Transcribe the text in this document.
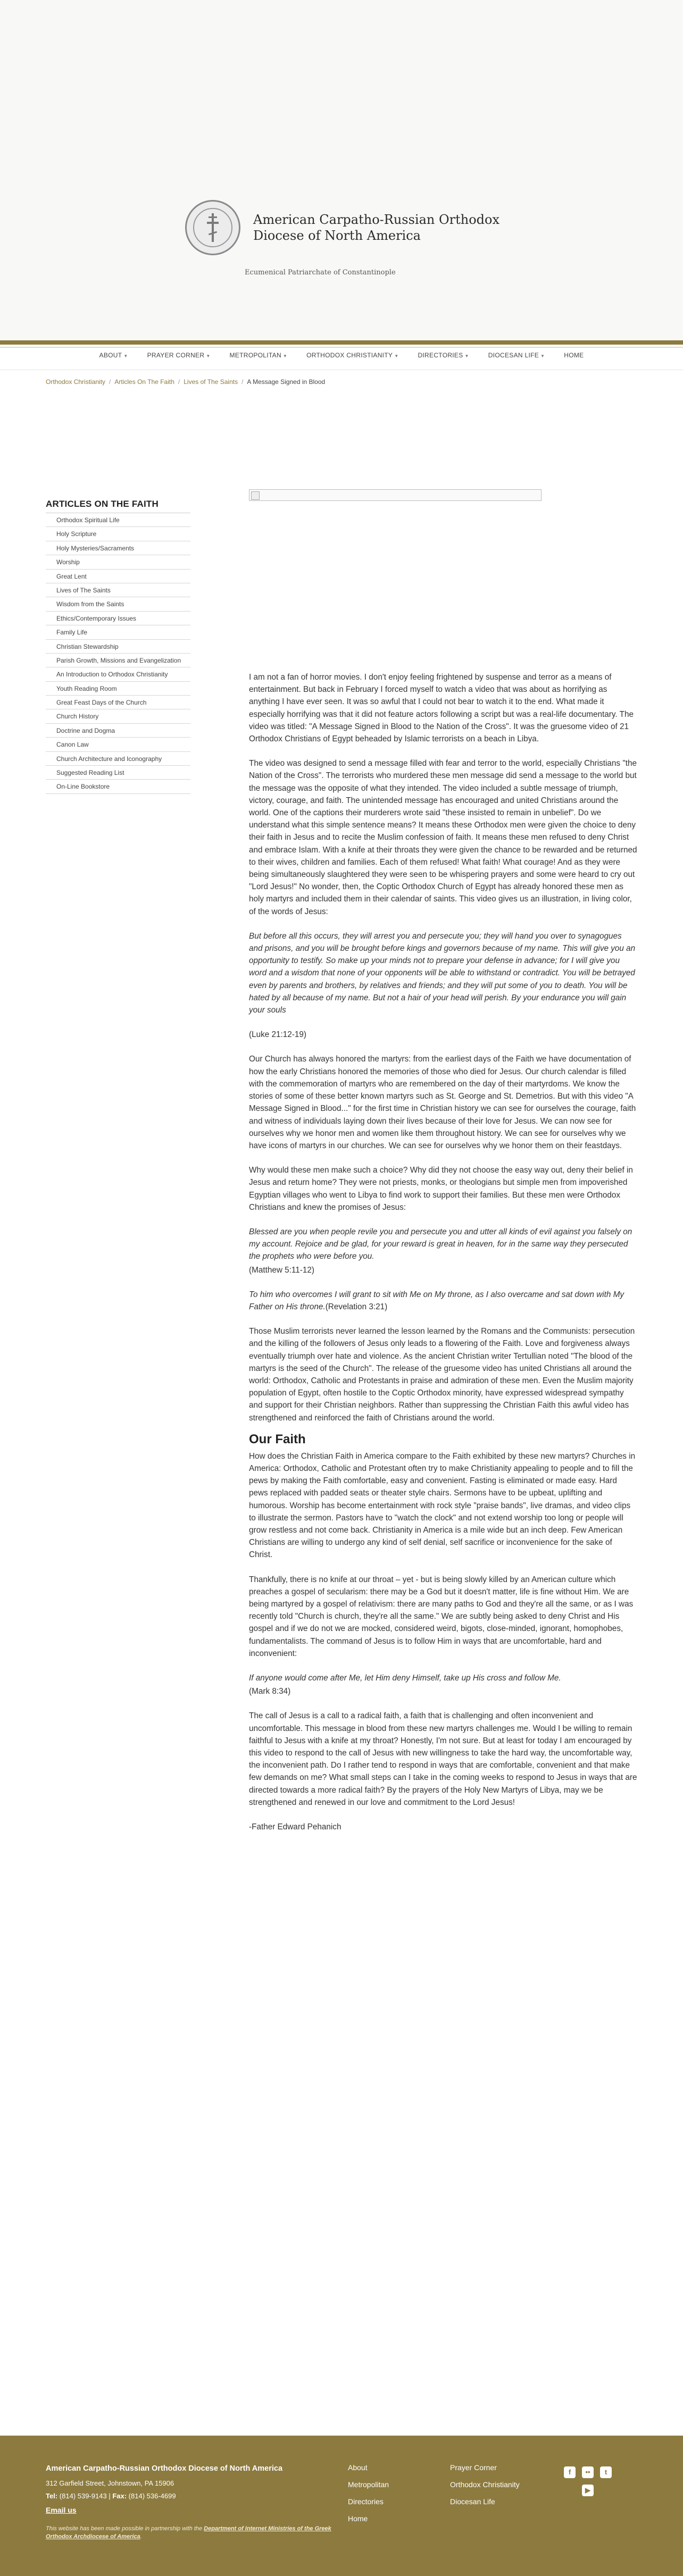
American Carpatho-Russian Orthodox Diocese of North America
Ecumenical Patriarchate of Constantinople
ABOUT ▼	PRAYER CORNER ▼	METROPOLITAN ▼	ORTHODOX CHRISTIANITY ▼	DIRECTORIES ▼	DIOCESAN LIFE ▼	HOME
Orthodox Christianity / Articles On The Faith / Lives of The Saints / A Message Signed in Blood
ARTICLES ON THE FAITH
Orthodox Spiritual Life
Holy Scripture
Holy Mysteries/Sacraments
Worship
Great Lent
Lives of The Saints
Wisdom from the Saints
Ethics/Contemporary Issues
Family Life
Christian Stewardship
Parish Growth, Missions and Evangelization
An Introduction to Orthodox Christianity
Youth Reading Room
Great Feast Days of the Church
Church History
Doctrine and Dogma
Canon Law
Church Architecture and Iconography
Suggested Reading List
On-Line Bookstore

I am not a fan of horror movies. I don't enjoy feeling frightened by suspense and terror as a means of entertainment. But back in February I forced myself to watch a video that was about as horrifying as anything I have ever seen. It was so awful that I could not bear to watch it to the end. What made it especially horrifying was that it did not feature actors following a script but was a real-life documentary. The video was titled: "A Message Signed in Blood to the Nation of the Cross". It was the gruesome video of 21 Orthodox Christians of Egypt beheaded by Islamic terrorists on a beach in Libya.

The video was designed to send a message filled with fear and terror to the world, especially Christians "the Nation of the Cross". The terrorists who murdered these men message did send a message to the world but the message was the opposite of what they intended. The video included a subtle message of triumph, victory, courage, and faith. The unintended message has encouraged and united Christians around the world. One of the captions their murderers wrote said "these insisted to remain in unbelief". Do we understand what this simple sentence means? It means these Orthodox men were given the choice to deny their faith in Jesus and to recite the Muslim confession of faith. It means these men refused to deny Christ and embrace Islam. With a knife at their throats they were given the chance to be rewarded and be returned to their wives, children and families. Each of them refused! What faith! What courage! And as they were being simultaneously slaughtered they were seen to be whispering prayers and some were heard to cry out "Lord Jesus!" No wonder, then, the Coptic Orthodox Church of Egypt has already honored these men as holy martyrs and included them in their calendar of saints. This video gives us an illustration, in living color, of the words of Jesus:

But before all this occurs, they will arrest you and persecute you; they will hand you over to synagogues and prisons, and you will be brought before kings and governors because of my name. This will give you an opportunity to testify. So make up your minds not to prepare your defense in advance; for I will give you word and a wisdom that none of your opponents will be able to withstand or contradict. You will be betrayed even by parents and brothers, by relatives and friends; and they will put some of you to death. You will be hated by all because of my name. But not a hair of your head will perish. By your endurance you will gain your souls

(Luke 21:12-19)

Our Church has always honored the martyrs: from the earliest days of the Faith we have documentation of how the early Christians honored the memories of those who died for Jesus. Our church calendar is filled with the commemoration of martyrs who are remembered on the day of their martyrdoms. We know the stories of some of these better known martyrs such as St. George and St. Demetrios. But with this video "A Message Signed in Blood..." for the first time in Christian history we can see for ourselves the courage, faith and witness of individuals laying down their lives because of their love for Jesus. We can now see for ourselves why we honor men and women like them throughout history. We can see for ourselves why we have icons of martyrs in our churches. We can see for ourselves why we honor them on their feastdays.

Why would these men make such a choice? Why did they not choose the easy way out, deny their belief in Jesus and return home? They were not priests, monks, or theologians but simple men from impoverished Egyptian villages who went to Libya to find work to support their families. But these men were Orthodox Christians and knew the promises of Jesus:

Blessed are you when people revile you and persecute you and utter all kinds of evil against you falsely on my account. Rejoice and be glad, for your reward is great in heaven, for in the same way they persecuted the prophets who were before you.

(Matthew 5:11-12)

To him who overcomes I will grant to sit with Me on My throne, as I also overcame and sat down with My Father on His throne.(Revelation 3:21)

Those Muslim terrorists never learned the lesson learned by the Romans and the Communists: persecution and the killing of the followers of Jesus only leads to a flowering of the Faith. Love and forgiveness always eventually triumph over hate and violence. As the ancient Christian writer Tertullian noted "The blood of the martyrs is the seed of the Church". The release of the gruesome video has united Christians all around the world: Orthodox, Catholic and Protestants in praise and admiration of these men. Even the Muslim majority population of Egypt, often hostile to the Coptic Orthodox minority, have expressed widespread sympathy and support for their Christian neighbors. Rather than suppressing the Christian Faith this awful video has strengthened and reinforced the faith of Christians around the world.

Our Faith

How does the Christian Faith in America compare to the Faith exhibited by these new martyrs? Churches in America: Orthodox, Catholic and Protestant often try to make Christianity appealing to people and to fill the pews by making the Faith comfortable, easy and convenient. Fasting is eliminated or made easy. Hard pews replaced with padded seats or theater style chairs. Sermons have to be upbeat, uplifting and humorous. Worship has become entertainment with rock style "praise bands", live dramas, and video clips to illustrate the sermon. Pastors have to "watch the clock" and not extend worship too long or people will grow restless and not come back. Christianity in America is a mile wide but an inch deep. Few American Christians are willing to undergo any kind of self denial, self sacrifice or inconvenience for the sake of Christ.

Thankfully, there is no knife at our throat – yet - but is being slowly killed by an American culture which preaches a gospel of secularism: there may be a God but it doesn't matter, life is fine without Him. We are being martyred by a gospel of relativism: there are many paths to God and they're all the same, or as I was recently told "Church is church, they're all the same." We are subtly being asked to deny Christ and His gospel and if we do not we are mocked, considered weird, bigots, close-minded, ignorant, homophobes, fundamentalists. The command of Jesus is to follow Him in ways that are uncomfortable, hard and inconvenient:

If anyone would come after Me, let Him deny Himself, take up His cross and follow Me.

(Mark 8:34)

The call of Jesus is a call to a radical faith, a faith that is challenging and often inconvenient and uncomfortable. This message in blood from these new martyrs challenges me. Would I be willing to remain faithful to Jesus with a knife at my throat? Honestly, I'm not sure. But at least for today I am encouraged by this video to respond to the call of Jesus with new willingness to take the hard way, the uncomfortable way, the inconvenient path. Do I rather tend to respond in ways that are comfortable, convenient and that make few demands on me? What small steps can I take in the coming weeks to respond to Jesus in ways that are directed towards a more radical faith? By the prayers of the Holy New Martyrs of Libya, may we be strengthened and renewed in our love and commitment to the Lord Jesus!

-Father Edward Pehanich

American Carpatho-Russian Orthodox Diocese of North America
312 Garfield Street, Johnstown, PA 15906
Tel: (814) 539-9143 | Fax: (814) 536-4699
Email us
This website has been made possible in partnership with the Department of Internet Ministries of the Greek Orthodox Archdiocese of America.
About
Metropolitan
Directories
Home
Prayer Corner
Orthodox Christianity
Diocesan Life
f	••	t
▶
